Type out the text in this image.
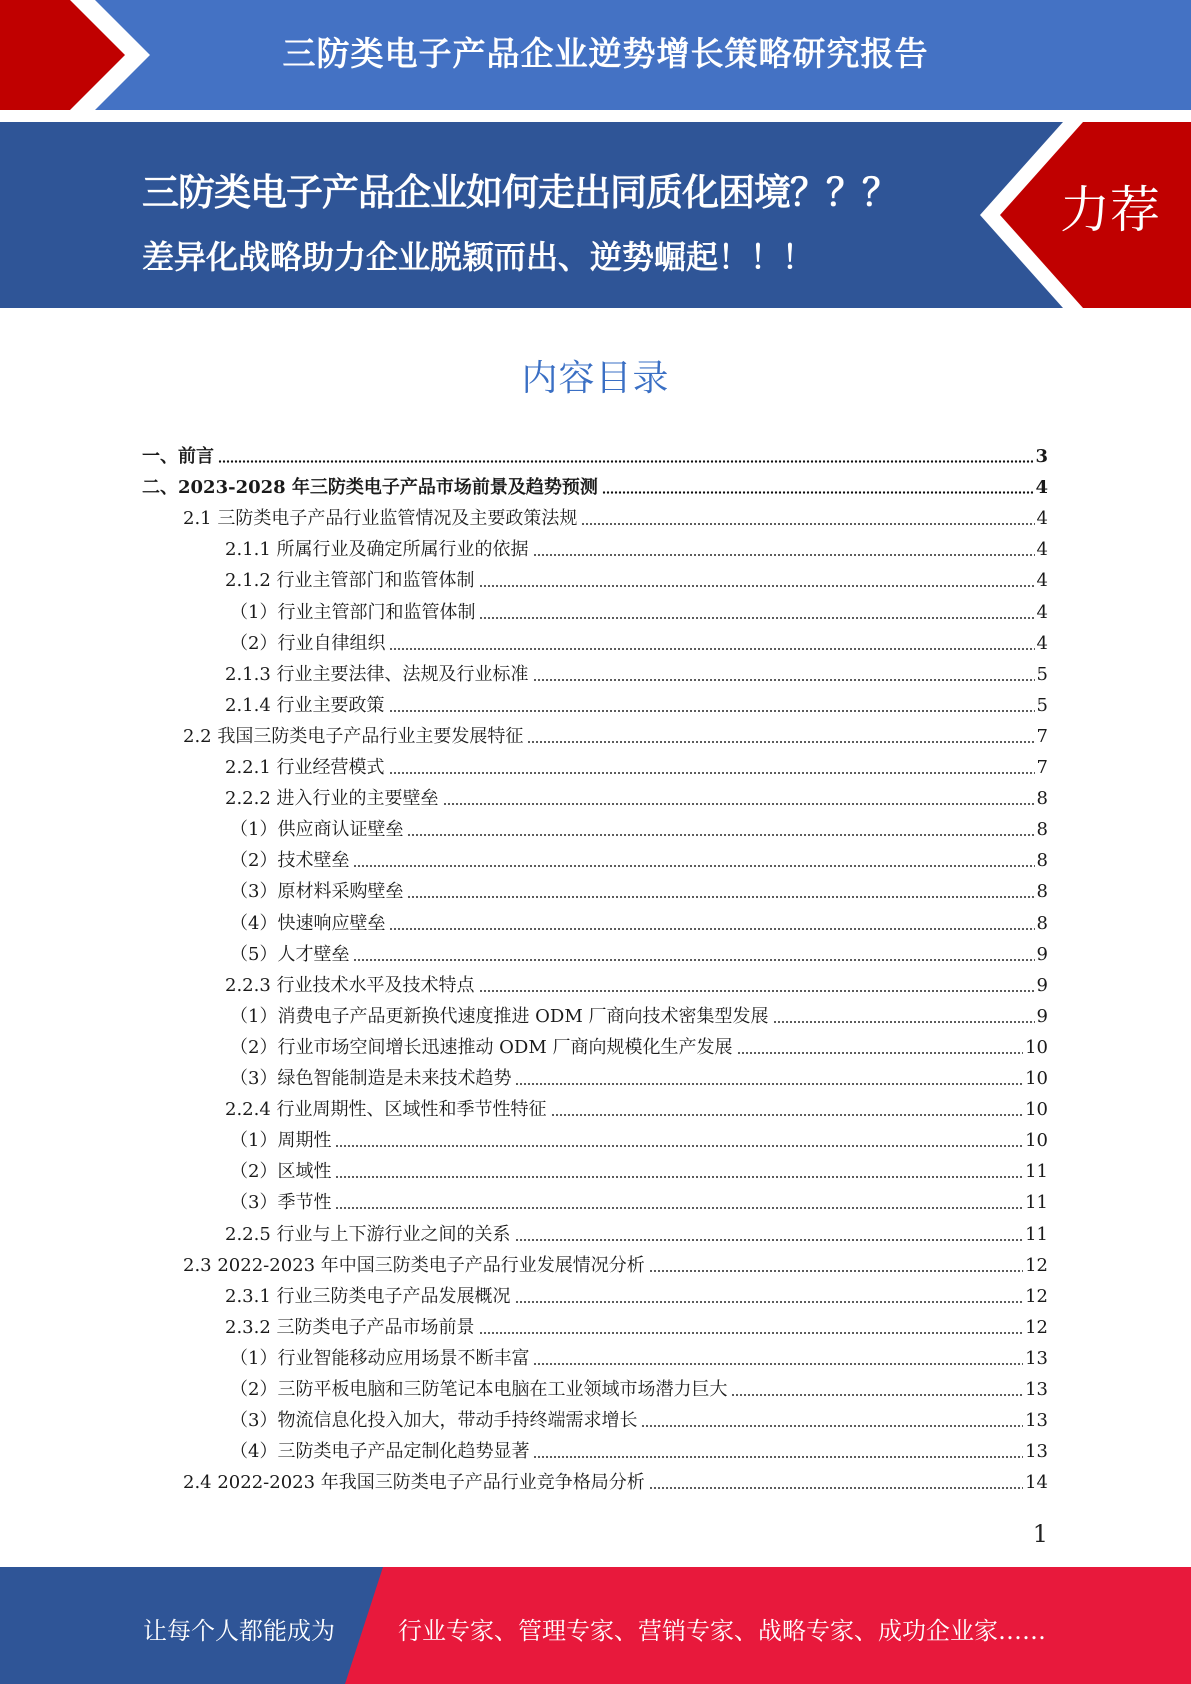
三防类电子产品企业逆势增长策略研究报告
三防类电子产品企业如何走出同质化困境？？？
差异化战略助力企业脱颖而出、逆势崛起！！！
力荐
内容目录
一、前言	3
二、2023-2028 年三防类电子产品市场前景及趋势预测	4
2.1 三防类电子产品行业监管情况及主要政策法规	4
2.1.1 所属行业及确定所属行业的依据	4
2.1.2 行业主管部门和监管体制	4
（1）行业主管部门和监管体制	4
（2）行业自律组织	4
2.1.3 行业主要法律、法规及行业标准	5
2.1.4 行业主要政策	5
2.2 我国三防类电子产品行业主要发展特征	7
2.2.1 行业经营模式	7
2.2.2 进入行业的主要壁垒	8
（1）供应商认证壁垒	8
（2）技术壁垒	8
（3）原材料采购壁垒	8
（4）快速响应壁垒	8
（5）人才壁垒	9
2.2.3 行业技术水平及技术特点	9
（1）消费电子产品更新换代速度推进 ODM 厂商向技术密集型发展	9
（2）行业市场空间增长迅速推动 ODM 厂商向规模化生产发展	10
（3）绿色智能制造是未来技术趋势	10
2.2.4 行业周期性、区域性和季节性特征	10
（1）周期性	10
（2）区域性	11
（3）季节性	11
2.2.5 行业与上下游行业之间的关系	11
2.3 2022-2023 年中国三防类电子产品行业发展情况分析	12
2.3.1 行业三防类电子产品发展概况	12
2.3.2 三防类电子产品市场前景	12
（1）行业智能移动应用场景不断丰富	13
（2）三防平板电脑和三防笔记本电脑在工业领域市场潜力巨大	13
（3）物流信息化投入加大，带动手持终端需求增长	13
（4）三防类电子产品定制化趋势显著	13
2.4 2022-2023 年我国三防类电子产品行业竞争格局分析	14
1
让每个人都能成为	行业专家、管理专家、营销专家、战略专家、成功企业家……
